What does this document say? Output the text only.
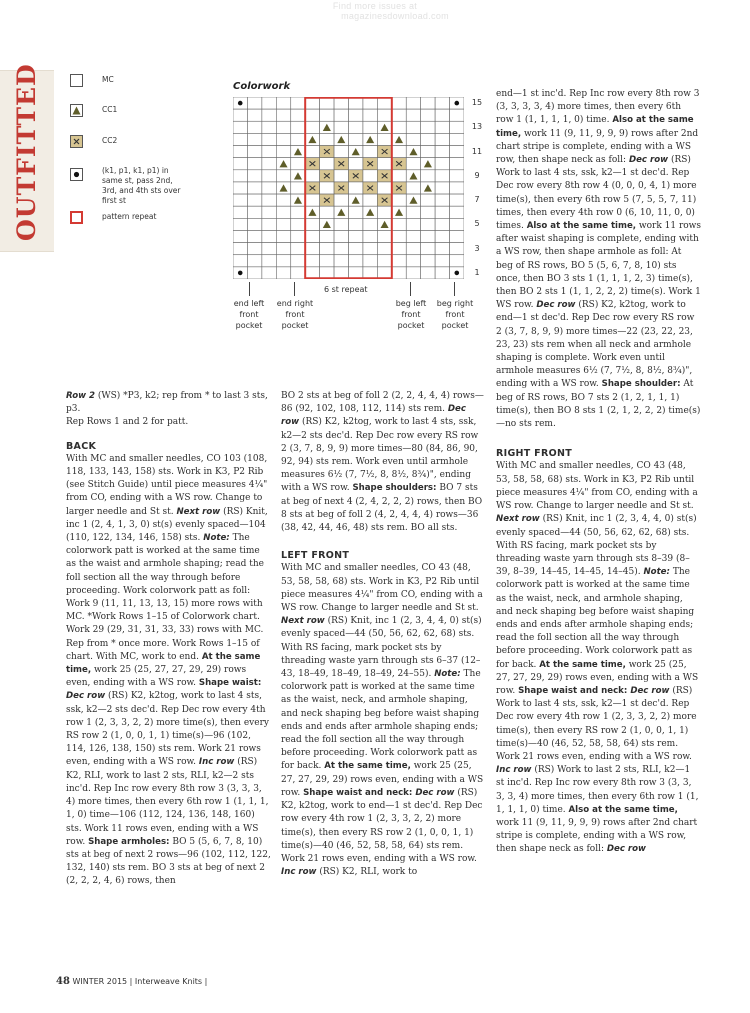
Find more issues at
magazinesdownload.com
OUTFITTED	MC
CC1
CC2
(k1, p1, k1, p1) in same st, pass 2nd, 3rd, and 4th sts over first st
pattern repeat
Colorwork
15
13
11
9
7
5
3
1
6 st repeat
end left front pocket
end right front pocket
beg left front pocket
beg right front pocket

Row 2 (WS) *P3, k2; rep from * to last 3 sts, p3.

Rep Rows 1 and 2 for patt.

BACK

With MC and smaller needles, CO 103 (108, 118, 133, 143, 158) sts. Work in K3, P2 Rib (see Stitch Guide) until piece measures 4¼" from CO, ending with a WS row. Change to larger needle and St st. Next row (RS) Knit, inc 1 (2, 4, 1, 3, 0) st(s) evenly spaced—104 (110, 122, 134, 146, 158) sts. Note: The colorwork patt is worked at the same time as the waist and armhole shaping; read the foll section all the way through before proceeding. Work colorwork patt as foll: Work 9 (11, 11, 13, 13, 15) more rows with MC. *Work Rows 1–15 of Colorwork chart. Work 29 (29, 31, 31, 33, 33) rows with MC. Rep from * once more. Work Rows 1–15 of chart. With MC, work to end. At the same time, work 25 (25, 27, 27, 29, 29) rows even, ending with a WS row. Shape waist: Dec row (RS) K2, k2tog, work to last 4 sts, ssk, k2—2 sts dec'd. Rep Dec row every 4th row 1 (2, 3, 3, 2, 2) more time(s), then every RS row 2 (1, 0, 0, 1, 1) time(s)—96 (102, 114, 126, 138, 150) sts rem. Work 21 rows even, ending with a WS row. Inc row (RS) K2, RLI, work to last 2 sts, RLI, k2—2 sts inc'd. Rep Inc row every 8th row 3 (3, 3, 3, 4) more times, then every 6th row 1 (1, 1, 1, 1, 0) time—106 (112, 124, 136, 148, 160) sts. Work 11 rows even, ending with a WS row. Shape armholes: BO 5 (5, 6, 7, 8, 10) sts at beg of next 2 rows—96 (102, 112, 122, 132, 140) sts rem. BO 3 sts at beg of next 2 (2, 2, 2, 4, 6) rows, then

BO 2 sts at beg of foll 2 (2, 2, 4, 4, 4) rows—86 (92, 102, 108, 112, 114) sts rem. Dec row (RS) K2, k2tog, work to last 4 sts, ssk, k2—2 sts dec'd. Rep Dec row every RS row 2 (3, 7, 8, 9, 9) more times—80 (84, 86, 90, 92, 94) sts rem. Work even until armhole measures 6½ (7, 7½, 8, 8½, 8¾)", ending with a WS row. Shape shoulders: BO 7 sts at beg of next 4 (2, 4, 2, 2, 2) rows, then BO 8 sts at beg of foll 2 (4, 2, 4, 4, 4) rows—36 (38, 42, 44, 46, 48) sts rem. BO all sts.

LEFT FRONT

With MC and smaller needles, CO 43 (48, 53, 58, 58, 68) sts. Work in K3, P2 Rib until piece measures 4¼" from CO, ending with a WS row. Change to larger needle and St st. Next row (RS) Knit, inc 1 (2, 3, 4, 4, 0) st(s) evenly spaced—44 (50, 56, 62, 62, 68) sts. With RS facing, mark pocket sts by threading waste yarn through sts 6–37 (12–43, 18–49, 18–49, 18–49, 24–55). Note: The colorwork patt is worked at the same time as the waist, neck, and armhole shaping, and neck shaping beg before waist shaping ends and ends after armhole shaping ends; read the foll section all the way through before proceeding. Work colorwork patt as for back. At the same time, work 25 (25, 27, 27, 29, 29) rows even, ending with a WS row. Shape waist and neck: Dec row (RS) K2, k2tog, work to end—1 st dec'd. Rep Dec row every 4th row 1 (2, 3, 3, 2, 2) more time(s), then every RS row 2 (1, 0, 0, 1, 1) time(s)—40 (46, 52, 58, 58, 64) sts rem. Work 21 rows even, ending with a WS row. Inc row (RS) K2, RLI, work to

end—1 st inc'd. Rep Inc row every 8th row 3 (3, 3, 3, 3, 4) more times, then every 6th row 1 (1, 1, 1, 1, 0) time. Also at the same time, work 11 (9, 11, 9, 9, 9) rows after 2nd chart stripe is complete, ending with a WS row, then shape neck as foll: Dec row (RS) Work to last 4 sts, ssk, k2—1 st dec'd. Rep Dec row every 8th row 4 (0, 0, 0, 4, 1) more time(s), then every 6th row 5 (7, 5, 5, 7, 11) times, then every 4th row 0 (6, 10, 11, 0, 0) times. Also at the same time, work 11 rows after waist shaping is complete, ending with a WS row, then shape armhole as foll: At beg of RS rows, BO 5 (5, 6, 7, 8, 10) sts once, then BO 3 sts 1 (1, 1, 1, 2, 3) time(s), then BO 2 sts 1 (1, 1, 2, 2, 2) time(s). Work 1 WS row. Dec row (RS) K2, k2tog, work to end—1 st dec'd. Rep Dec row every RS row 2 (3, 7, 8, 9, 9) more times—22 (23, 22, 23, 23, 23) sts rem when all neck and armhole shaping is complete. Work even until armhole measures 6½ (7, 7½, 8, 8½, 8¾)", ending with a WS row. Shape shoulder: At beg of RS rows, BO 7 sts 2 (1, 2, 1, 1, 1) time(s), then BO 8 sts 1 (2, 1, 2, 2, 2) time(s)—no sts rem.

RIGHT FRONT

With MC and smaller needles, CO 43 (48, 53, 58, 58, 68) sts. Work in K3, P2 Rib until piece measures 4¼" from CO, ending with a WS row. Change to larger needle and St st. Next row (RS) Knit, inc 1 (2, 3, 4, 4, 0) st(s) evenly spaced—44 (50, 56, 62, 62, 68) sts. With RS facing, mark pocket sts by threading waste yarn through sts 8–39 (8–39, 8–39, 14–45, 14–45, 14–45). Note: The colorwork patt is worked at the same time as the waist, neck, and armhole shaping, and neck shaping beg before waist shaping ends and ends after armhole shaping ends; read the foll section all the way through before proceeding. Work colorwork patt as for back. At the same time, work 25 (25, 27, 27, 29, 29) rows even, ending with a WS row. Shape waist and neck: Dec row (RS) Work to last 4 sts, ssk, k2—1 st dec'd. Rep Dec row every 4th row 1 (2, 3, 3, 2, 2) more time(s), then every RS row 2 (1, 0, 0, 1, 1) time(s)—40 (46, 52, 58, 58, 64) sts rem. Work 21 rows even, ending with a WS row. Inc row (RS) Work to last 2 sts, RLI, k2—1 st inc'd. Rep Inc row every 8th row 3 (3, 3, 3, 3, 4) more times, then every 6th row 1 (1, 1, 1, 1, 0) time. Also at the same time, work 11 (9, 11, 9, 9, 9) rows after 2nd chart stripe is complete, ending with a WS row, then shape neck as foll: Dec row

48 WINTER 2015 | Interweave Knits |
